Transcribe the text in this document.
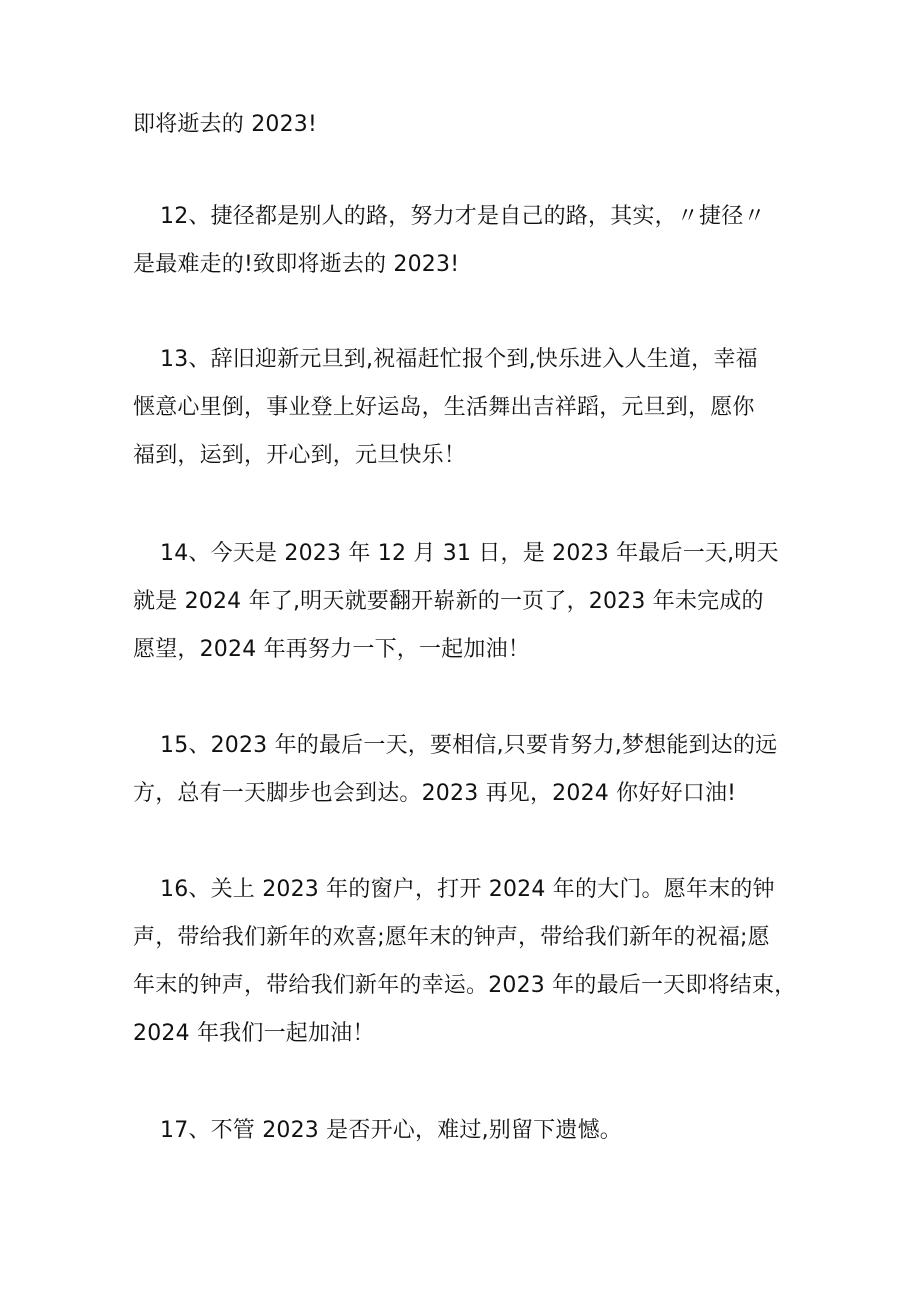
即将逝去的 2023!
12、捷径都是别人的路，努力才是自己的路，其实，〃捷径〃
是最难走的!致即将逝去的 2023!
13、辞旧迎新元旦到,祝福赶忙报个到,快乐进入人生道，幸福
惬意心里倒，事业登上好运岛，生活舞出吉祥蹈，元旦到，愿你
福到，运到，开心到，元旦快乐！
14、今天是 2023 年 12 月 31 日，是 2023 年最后一天,明天
就是 2024 年了,明天就要翻开崭新的一页了，2023 年未完成的
愿望，2024 年再努力一下，一起加油！
15、2023 年的最后一天，要相信,只要肯努力,梦想能到达的远
方，总有一天脚步也会到达。2023 再见，2024 你好好口油!
16、关上 2023 年的窗户，打开 2024 年的大门。愿年末的钟
声，带给我们新年的欢喜;愿年末的钟声，带给我们新年的祝福;愿
年末的钟声，带给我们新年的幸运。2023 年的最后一天即将结束，
2024 年我们一起加油！
17、不管 2023 是否开心，难过,别留下遗憾。
